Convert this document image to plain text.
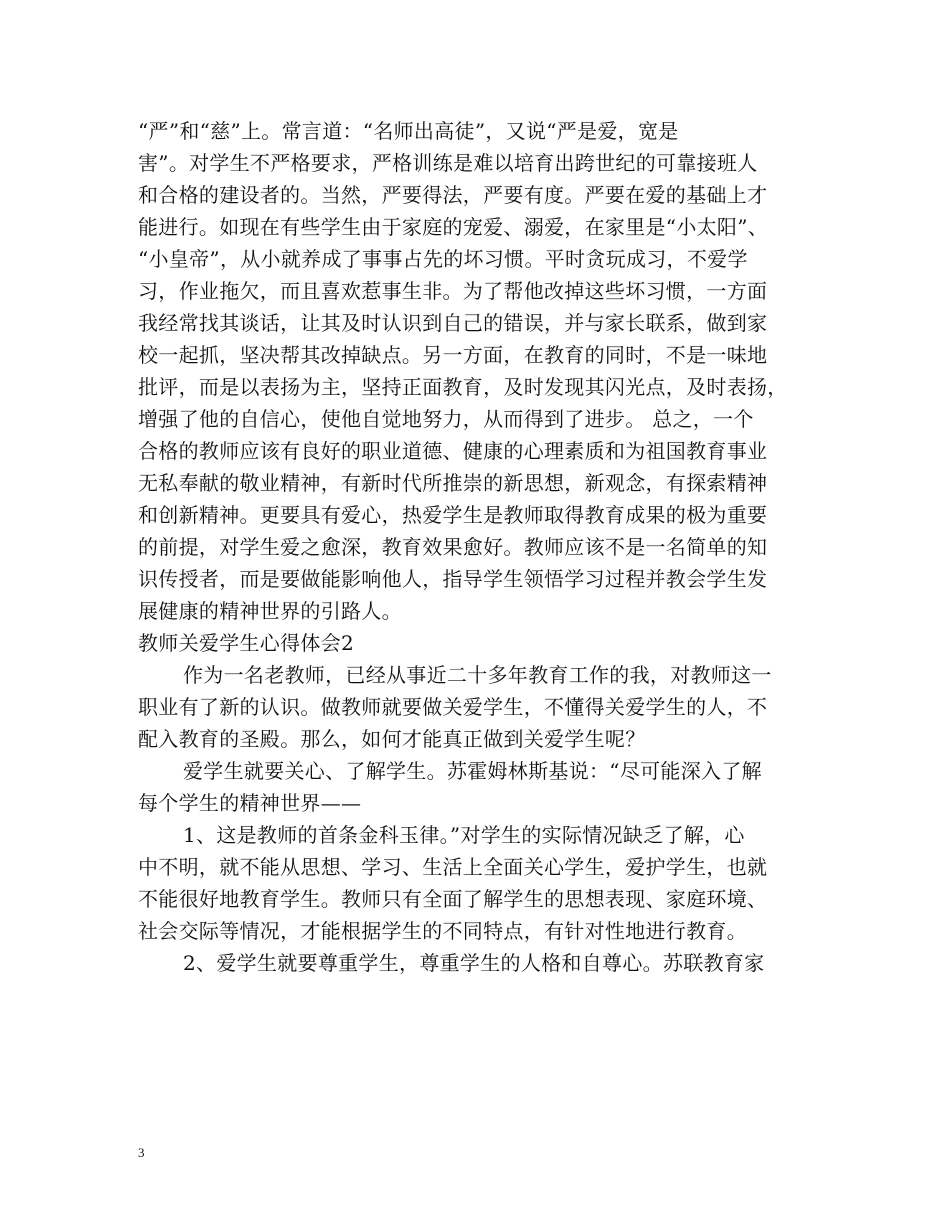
“严”和“慈”上。常言道：“名师出高徒”，又说“严是爱，宽是
害”。对学生不严格要求，严格训练是难以培育出跨世纪的可靠接班人
和合格的建设者的。当然，严要得法，严要有度。严要在爱的基础上才
能进行。如现在有些学生由于家庭的宠爱、溺爱，在家里是“小太阳”、
“小皇帝”，从小就养成了事事占先的坏习惯。平时贪玩成习，不爱学
习，作业拖欠，而且喜欢惹事生非。为了帮他改掉这些坏习惯，一方面
我经常找其谈话，让其及时认识到自己的错误，并与家长联系，做到家
校一起抓，坚决帮其改掉缺点。另一方面，在教育的同时，不是一味地
批评，而是以表扬为主，坚持正面教育，及时发现其闪光点，及时表扬，
增强了他的自信心，使他自觉地努力，从而得到了进步。 总之，一个
合格的教师应该有良好的职业道德、健康的心理素质和为祖国教育事业
无私奉献的敬业精神，有新时代所推崇的新思想，新观念，有探索精神
和创新精神。更要具有爱心，热爱学生是教师取得教育成果的极为重要
的前提，对学生爱之愈深，教育效果愈好。教师应该不是一名简单的知
识传授者，而是要做能影响他人，指导学生领悟学习过程并教会学生发
展健康的精神世界的引路人。
教师关爱学生心得体会2
作为一名老教师，已经从事近二十多年教育工作的我，对教师这一
职业有了新的认识。做教师就要做关爱学生，不懂得关爱学生的人，不
配入教育的圣殿。那么，如何才能真正做到关爱学生呢？
爱学生就要关心、了解学生。苏霍姆林斯基说：“尽可能深入了解
每个学生的精神世界——
1、这是教师的首条金科玉律。”对学生的实际情况缺乏了解，心
中不明，就不能从思想、学习、生活上全面关心学生，爱护学生，也就
不能很好地教育学生。教师只有全面了解学生的思想表现、家庭环境、
社会交际等情况，才能根据学生的不同特点，有针对性地进行教育。
2、爱学生就要尊重学生，尊重学生的人格和自尊心。苏联教育家
3
